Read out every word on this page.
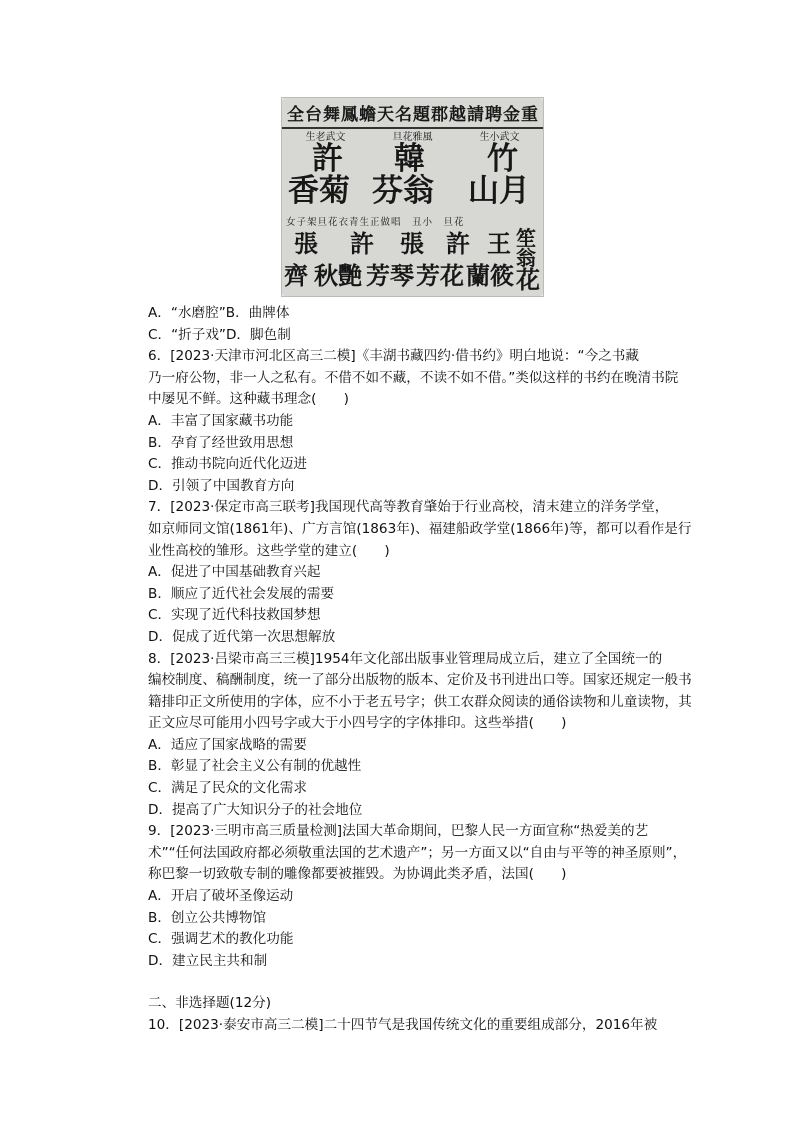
全台舞鳳蟾天名題郡越請聘金重
生老武文	旦花雅風	生小武文
許 韓 竹
香菊 芬翁 山月
女子架旦花衣青生正做唱　丑小　旦花
張 許 張 許 王 笙
翁
齊 秋艷 芳琴 芳花 蘭筱 花
A．“水磨腔”B．曲牌体
C．“折子戏”D．脚色制
6．[2023·天津市河北区高三二模]《丰湖书藏四约·借书约》明白地说：“今之书藏
乃一府公物，非一人之私有。不借不如不藏，不读不如不借。”类似这样的书约在晚清书院
中屡见不鲜。这种藏书理念(　　)
A．丰富了国家藏书功能
B．孕育了经世致用思想
C．推动书院向近代化迈进
D．引领了中国教育方向
7．[2023·保定市高三联考]我国现代高等教育肇始于行业高校，清末建立的洋务学堂，
如京师同文馆(1861年)、广方言馆(1863年)、福建船政学堂(1866年)等，都可以看作是行
业性高校的雏形。这些学堂的建立(　　)
A．促进了中国基础教育兴起
B．顺应了近代社会发展的需要
C．实现了近代科技救国梦想
D．促成了近代第一次思想解放
8．[2023·吕梁市高三三模]1954年文化部出版事业管理局成立后，建立了全国统一的
编校制度、稿酬制度，统一了部分出版物的版本、定价及书刊进出口等。国家还规定一般书
籍排印正文所使用的字体，应不小于老五号字；供工农群众阅读的通俗读物和儿童读物，其
正文应尽可能用小四号字或大于小四号字的字体排印。这些举措(　　)
A．适应了国家战略的需要
B．彰显了社会主义公有制的优越性
C．满足了民众的文化需求
D．提高了广大知识分子的社会地位
9．[2023·三明市高三质量检测]法国大革命期间，巴黎人民一方面宣称“热爱美的艺
术”“任何法国政府都必须敬重法国的艺术遗产”；另一方面又以“自由与平等的神圣原则”，
称巴黎一切致敬专制的雕像都要被摧毁。为协调此类矛盾，法国(　　)
A．开启了破坏圣像运动
B．创立公共博物馆
C．强调艺术的教化功能
D．建立民主共和制
二、非选择题(12分)
10．[2023·泰安市高三二模]二十四节气是我国传统文化的重要组成部分，2016年被
